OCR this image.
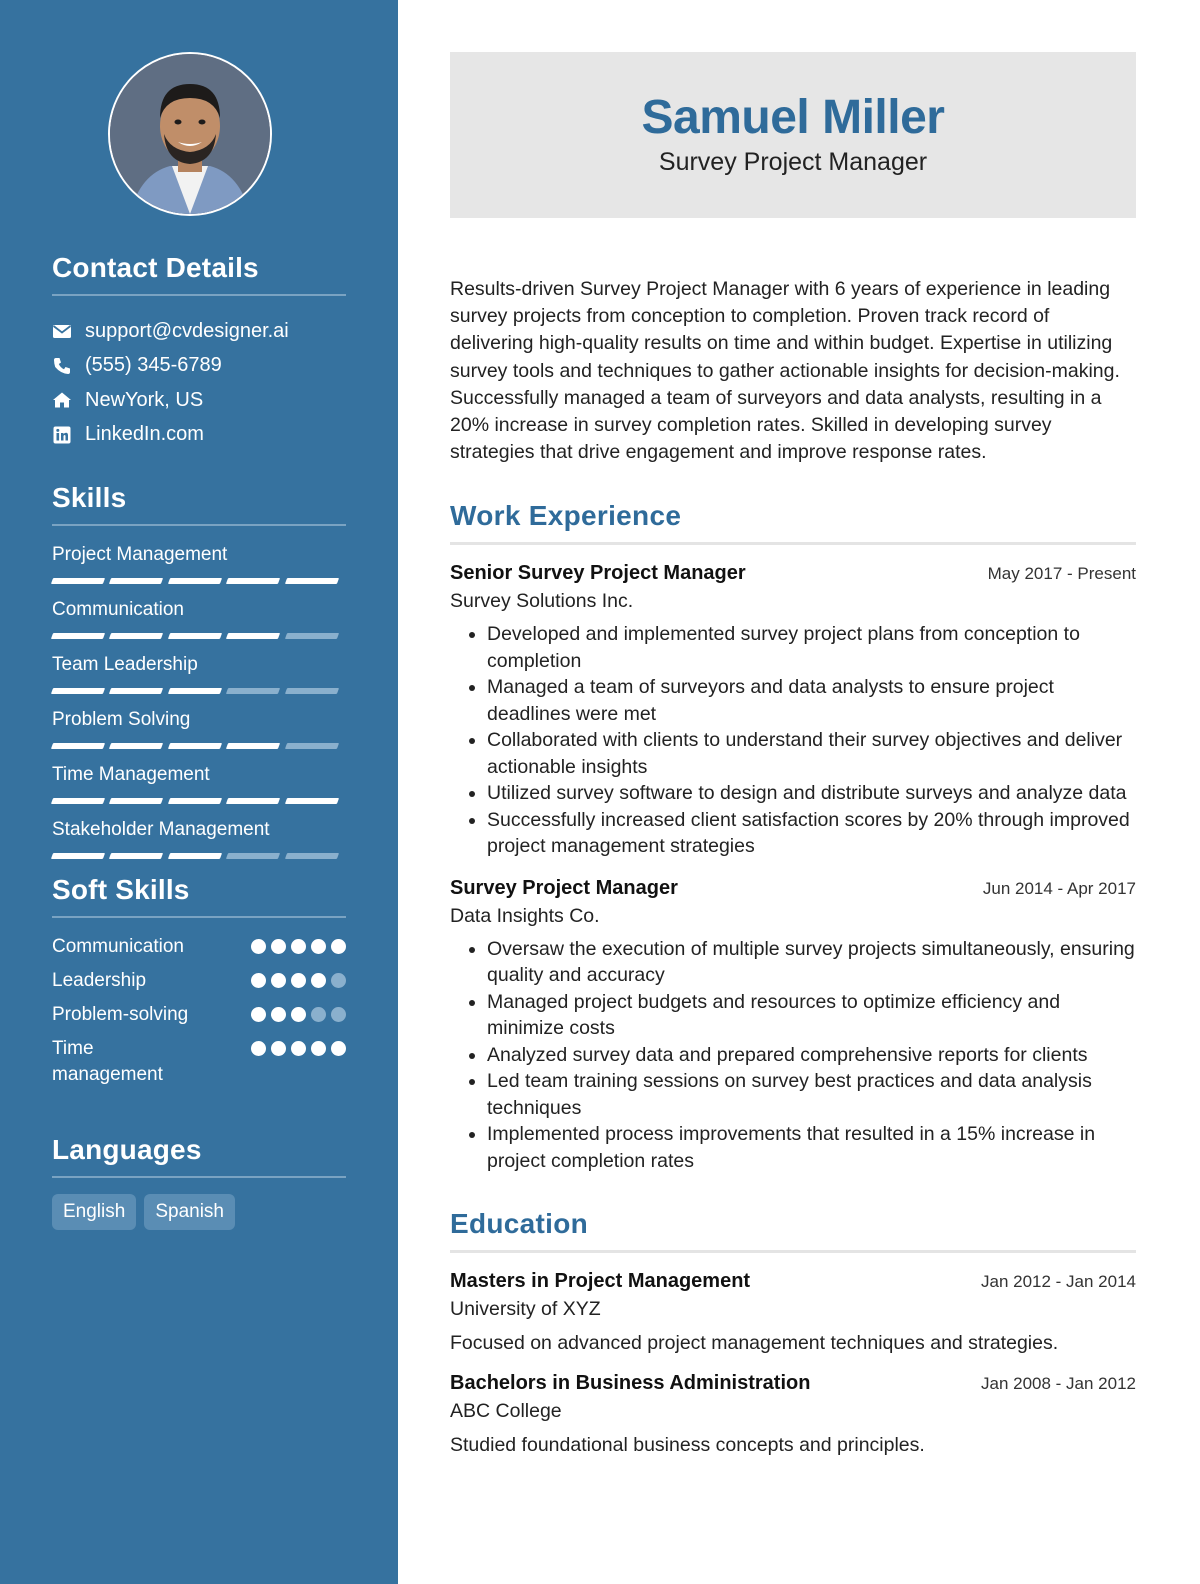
Contact Details
support@cvdesigner.ai
(555) 345-6789
NewYork, US
LinkedIn.com
Skills
Project Management
Communication
Team Leadership
Problem Solving
Time Management
Stakeholder Management
Soft Skills
Communication
Leadership
Problem-solving
Time management
Languages
English	Spanish
Samuel Miller
Survey Project Manager

Results-driven Survey Project Manager with 6 years of experience in leading survey projects from conception to completion. Proven track record of delivering high-quality results on time and within budget. Expertise in utilizing survey tools and techniques to gather actionable insights for decision-making. Successfully managed a team of surveyors and data analysts, resulting in a 20% increase in survey completion rates. Skilled in developing survey strategies that drive engagement and improve response rates.

Work Experience
Senior Survey Project Manager	May 2017 - Present
Survey Solutions Inc.
• Developed and implemented survey project plans from conception to completion
• Managed a team of surveyors and data analysts to ensure project deadlines were met
• Collaborated with clients to understand their survey objectives and deliver actionable insights
• Utilized survey software to design and distribute surveys and analyze data
• Successfully increased client satisfaction scores by 20% through improved project management strategies
Survey Project Manager	Jun 2014 - Apr 2017
Data Insights Co.
• Oversaw the execution of multiple survey projects simultaneously, ensuring quality and accuracy
• Managed project budgets and resources to optimize efficiency and minimize costs
• Analyzed survey data and prepared comprehensive reports for clients
• Led team training sessions on survey best practices and data analysis techniques
• Implemented process improvements that resulted in a 15% increase in project completion rates
Education
Masters in Project Management	Jan 2012 - Jan 2014
University of XYZ
Focused on advanced project management techniques and strategies.
Bachelors in Business Administration	Jan 2008 - Jan 2012
ABC College
Studied foundational business concepts and principles.
